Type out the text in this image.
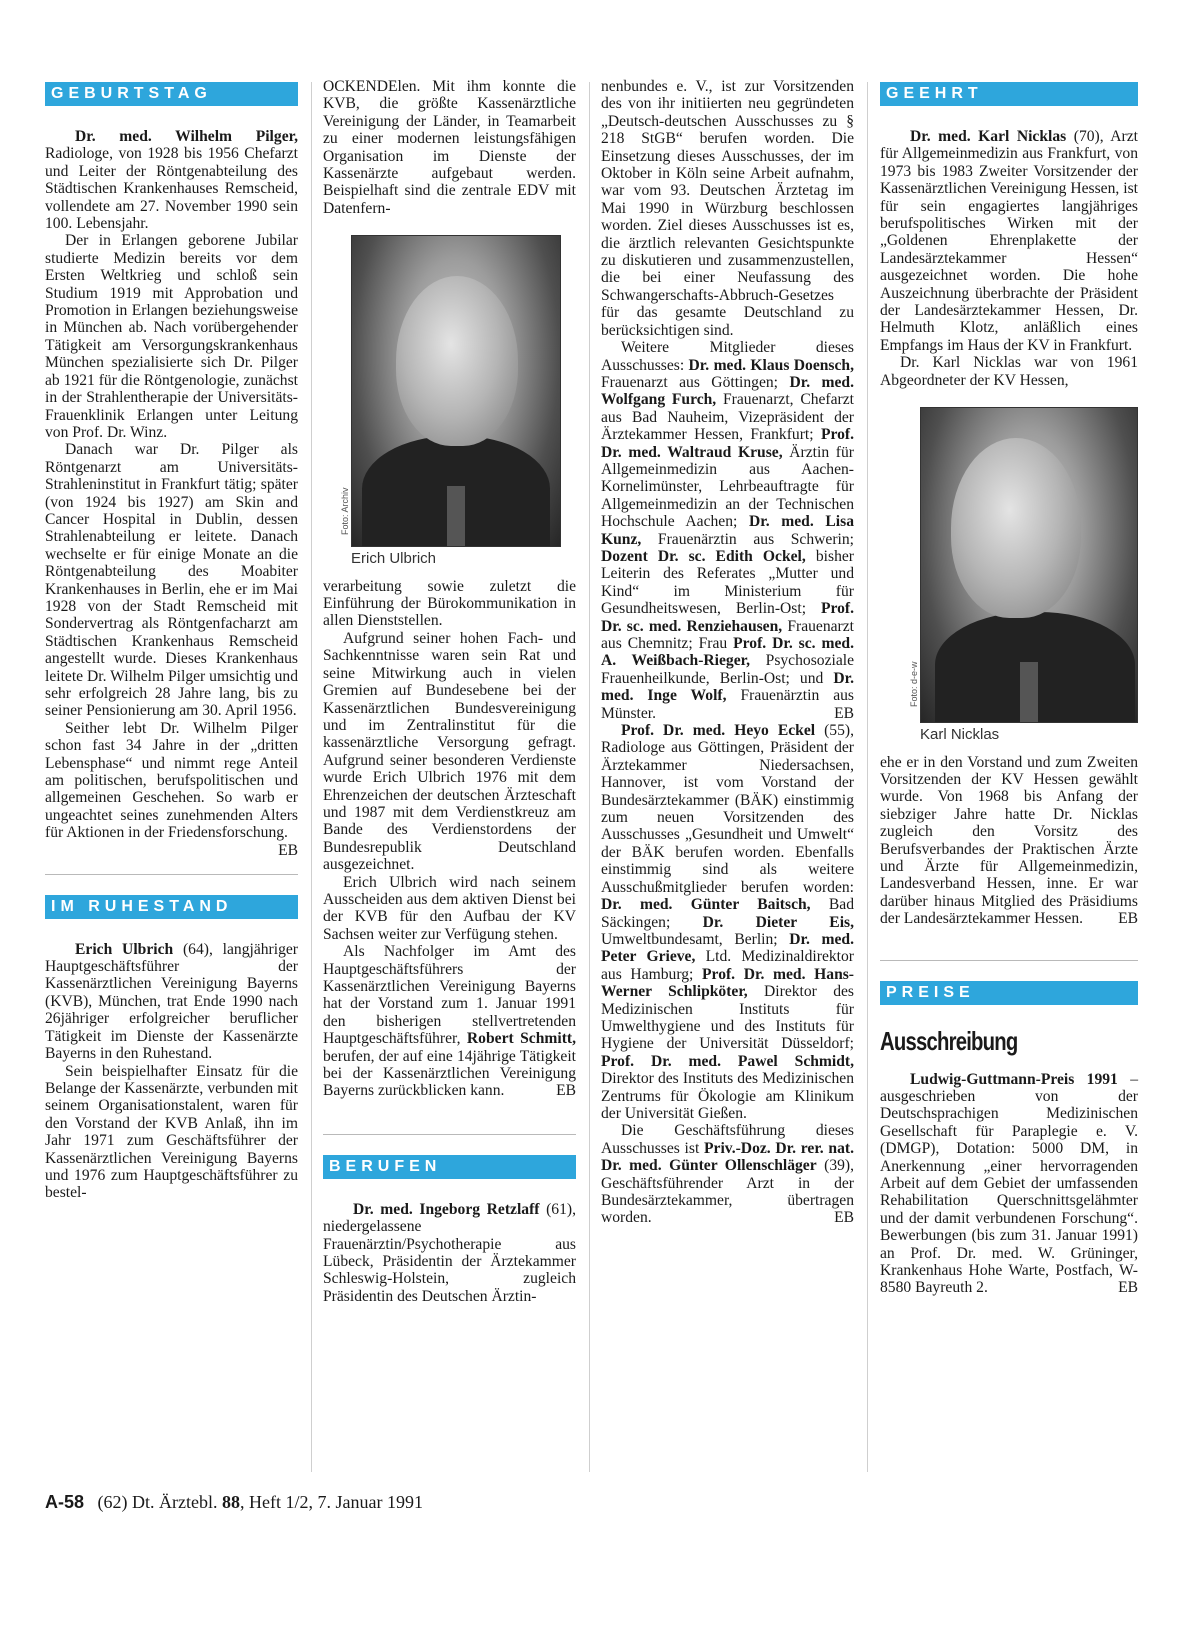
GEBURTSTAG

Dr. med. Wilhelm Pilger, Radiologe, von 1928 bis 1956 Chefarzt und Leiter der Röntgenabteilung des Städtischen Krankenhauses Remscheid, vollendete am 27. November 1990 sein 100. Lebensjahr.

Der in Erlangen geborene Jubilar studierte Medizin bereits vor dem Ersten Weltkrieg und schloß sein Studium 1919 mit Approbation und Promotion in Erlangen beziehungsweise in München ab. Nach vorübergehender Tätigkeit am Versorgungskrankenhaus München spezialisierte sich Dr. Pilger ab 1921 für die Röntgenologie, zunächst in der Strahlentherapie der Universitäts-Frauenklinik Erlangen unter Leitung von Prof. Dr. Winz.

Danach war Dr. Pilger als Röntgenarzt am Universitäts-Strahleninstitut in Frankfurt tätig; später (von 1924 bis 1927) am Skin and Cancer Hospital in Dublin, dessen Strahlenabteilung er leitete. Danach wechselte er für einige Monate an die Röntgenabteilung des Moabiter Krankenhauses in Berlin, ehe er im Mai 1928 von der Stadt Remscheid mit Sondervertrag als Röntgenfacharzt am Städtischen Krankenhaus Remscheid angestellt wurde. Dieses Krankenhaus leitete Dr. Wilhelm Pilger umsichtig und sehr erfolgreich 28 Jahre lang, bis zu seiner Pensionierung am 30. April 1956.

Seither lebt Dr. Wilhelm Pilger schon fast 34 Jahre in der „dritten Lebensphase“ und nimmt rege Anteil am politischen, berufspolitischen und allgemeinen Geschehen. So warb er ungeachtet seines zunehmenden Alters für Aktionen in der Friedensforschung.
EB

IM RUHESTAND

Erich Ulbrich (64), langjähriger Hauptgeschäftsführer der Kassenärztlichen Vereinigung Bayerns (KVB), München, trat Ende 1990 nach 26jähriger erfolgreicher beruflicher Tätigkeit im Dienste der Kassenärzte Bayerns in den Ruhestand.

Sein beispielhafter Einsatz für die Belange der Kassenärzte, verbunden mit seinem Organisationstalent, waren für den Vorstand der KVB Anlaß, ihn im Jahr 1971 zum Geschäftsführer der Kassenärztlichen Vereinigung Bayerns und 1976 zum Hauptgeschäftsführer zu bestel-

OCKENDElen. Mit ihm konnte die KVB, die größte Kassenärztliche Vereinigung der Länder, in Teamarbeit zu einer modernen leistungsfähigen Organisation im Dienste der Kassenärzte aufgebaut werden. Beispielhaft sind die zentrale EDV mit Datenfern-

Foto: Archiv
Erich Ulbrich

verarbeitung sowie zuletzt die Einführung der Bürokommunikation in allen Dienststellen.

Aufgrund seiner hohen Fach- und Sachkenntnisse waren sein Rat und seine Mitwirkung auch in vielen Gremien auf Bundesebene bei der Kassenärztlichen Bundesvereinigung und im Zentralinstitut für die kassenärztliche Versorgung gefragt. Aufgrund seiner besonderen Verdienste wurde Erich Ulbrich 1976 mit dem Ehrenzeichen der deutschen Ärzteschaft und 1987 mit dem Verdienstkreuz am Bande des Verdienstordens der Bundesrepublik Deutschland ausgezeichnet.

Erich Ulbrich wird nach seinem Ausscheiden aus dem aktiven Dienst bei der KVB für den Aufbau der KV Sachsen weiter zur Verfügung stehen.

Als Nachfolger im Amt des Hauptgeschäftsführers der Kassenärztlichen Vereinigung Bayerns hat der Vorstand zum 1. Januar 1991 den bisherigen stellvertretenden Hauptgeschäftsführer, Robert Schmitt, berufen, der auf eine 14jährige Tätigkeit bei der Kassenärztlichen Vereinigung Bayerns zurückblicken kann.	EB

BERUFEN

Dr. med. Ingeborg Retzlaff (61), niedergelassene Frauenärztin/Psychotherapie aus Lübeck, Präsidentin der Ärztekammer Schleswig-Holstein, zugleich Präsidentin des Deutschen Ärztin-

nenbundes e. V., ist zur Vorsitzenden des von ihr initiierten neu gegründeten „Deutsch-deutschen Ausschusses zu § 218 StGB“ berufen worden. Die Einsetzung dieses Ausschusses, der im Oktober in Köln seine Arbeit aufnahm, war vom 93. Deutschen Ärztetag im Mai 1990 in Würzburg beschlossen worden. Ziel dieses Ausschusses ist es, die ärztlich relevanten Gesichtspunkte zu diskutieren und zusammenzustellen, die bei einer Neufassung des Schwangerschafts-Abbruch-Gesetzes für das gesamte Deutschland zu berücksichtigen sind.

Weitere Mitglieder dieses Ausschusses: Dr. med. Klaus Doensch, Frauenarzt aus Göttingen; Dr. med. Wolfgang Furch, Frauenarzt, Chefarzt aus Bad Nauheim, Vizepräsident der Ärztekammer Hessen, Frankfurt; Prof. Dr. med. Waltraud Kruse, Ärztin für Allgemeinmedizin aus Aachen-Kornelimünster, Lehrbeauftragte für Allgemeinmedizin an der Technischen Hochschule Aachen; Dr. med. Lisa Kunz, Frauenärztin aus Schwerin; Dozent Dr. sc. Edith Ockel, bisher Leiterin des Referates „Mutter und Kind“ im Ministerium für Gesundheitswesen, Berlin-Ost; Prof. Dr. sc. med. Renziehausen, Frauenarzt aus Chemnitz; Frau Prof. Dr. sc. med. A. Weißbach-Rieger, Psychosoziale Frauenheilkunde, Berlin-Ost; und Dr. med. Inge Wolf, Frauenärztin aus Münster.	EB

Prof. Dr. med. Heyo Eckel (55), Radiologe aus Göttingen, Präsident der Ärztekammer Niedersachsen, Hannover, ist vom Vorstand der Bundesärztekammer (BÄK) einstimmig zum neuen Vorsitzenden des Ausschusses „Gesundheit und Umwelt“ der BÄK berufen worden. Ebenfalls einstimmig sind als weitere Ausschußmitglieder berufen worden: Dr. med. Günter Baitsch, Bad Säckingen; Dr. Dieter Eis, Umweltbundesamt, Berlin; Dr. med. Peter Grieve, Ltd. Medizinaldirektor aus Hamburg; Prof. Dr. med. Hans-Werner Schlipköter, Direktor des Medizinischen Instituts für Umwelthygiene und des Instituts für Hygiene der Universität Düsseldorf; Prof. Dr. med. Pawel Schmidt, Direktor des Instituts des Medizinischen Zentrums für Ökologie am Klinikum der Universität Gießen.

Die Geschäftsführung dieses Ausschusses ist Priv.-Doz. Dr. rer. nat. Dr. med. Günter Ollenschläger (39), Geschäftsführender Arzt in der Bundesärztekammer, übertragen worden.	EB

GEEHRT

Dr. med. Karl Nicklas (70), Arzt für Allgemeinmedizin aus Frankfurt, von 1973 bis 1983 Zweiter Vorsitzender der Kassenärztlichen Vereinigung Hessen, ist für sein engagiertes langjähriges berufspolitisches Wirken mit der „Goldenen Ehrenplakette der Landesärztekammer Hessen“ ausgezeichnet worden. Die hohe Auszeichnung überbrachte der Präsident der Landesärztekammer Hessen, Dr. Helmuth Klotz, anläßlich eines Empfangs im Haus der KV in Frankfurt.

Dr. Karl Nicklas war von 1961 Abgeordneter der KV Hessen,

Foto: d-e-w
Karl Nicklas

ehe er in den Vorstand und zum Zweiten Vorsitzenden der KV Hessen gewählt wurde. Von 1968 bis Anfang der siebziger Jahre hatte Dr. Nicklas zugleich den Vorsitz des Berufsverbandes der Praktischen Ärzte und Ärzte für Allgemeinmedizin, Landesverband Hessen, inne. Er war darüber hinaus Mitglied des Präsidiums der Landesärztekammer Hessen. EB

PREISE
Ausschreibung

Ludwig-Guttmann-Preis 1991 – ausgeschrieben von der Deutschsprachigen Medizinischen Gesellschaft für Paraplegie e. V. (DMGP), Dotation: 5000 DM, in Anerkennung „einer hervorragenden Arbeit auf dem Gebiet der umfassenden Rehabilitation Querschnittsgelähmter und der damit verbundenen Forschung“. Bewerbungen (bis zum 31. Januar 1991) an Prof. Dr. med. W. Grüninger, Krankenhaus Hohe Warte, Postfach, W-8580 Bayreuth 2.	EB

A-58 (62) Dt. Ärztebl. 88, Heft 1/2, 7. Januar 1991
